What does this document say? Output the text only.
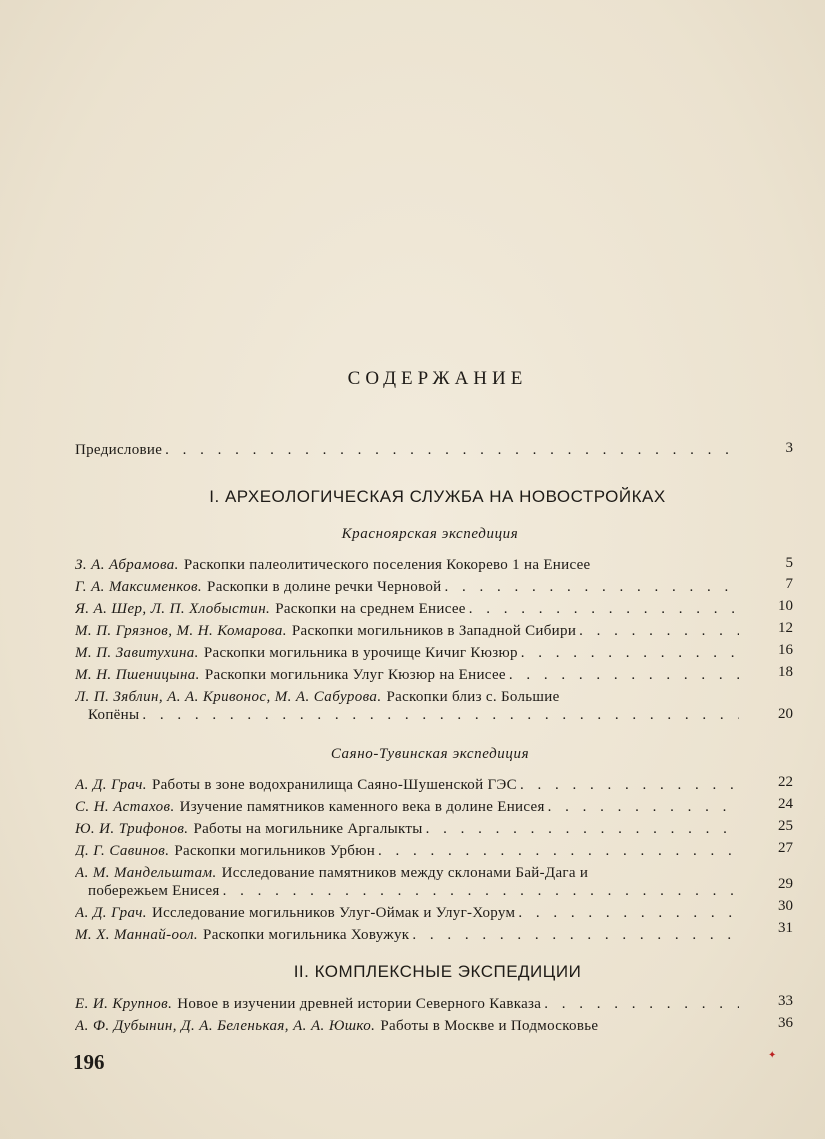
СОДЕРЖАНИЕ
Предисловие . . .	3
I. АРХЕОЛОГИЧЕСКАЯ СЛУЖБА НА НОВОСТРОЙКАХ
Красноярская экспедиция
З. А. Абрамова. Раскопки палеолитического поселения Кокорево 1 на Енисее	5
Г. А. Максименков. Раскопки в долине речки Черновой . . .	7
Я. А. Шер, Л. П. Хлобыстин. Раскопки на среднем Енисее . . .	10
М. П. Грязнов, М. Н. Комарова. Раскопки могильников в Западной Сибири . . .	12
М. П. Завитухина. Раскопки могильника в урочище Кичиг Кюзюр . . .	16
М. Н. Пшеницына. Раскопки могильника Улуг Кюзюр на Енисее . . .	18
Л. П. Зяблин, А. А. Кривонос, М. А. Сабурова. Раскопки близ с. Большие
Копёны . . .	20
Саяно-Тувинская экспедиция
А. Д. Грач. Работы в зоне водохранилища Саяно-Шушенской ГЭС . . .	22
С. Н. Астахов. Изучение памятников каменного века в долине Енисея . . .	24
Ю. И. Трифонов. Работы на могильнике Аргалыкты . . .	25
Д. Г. Савинов. Раскопки могильников Урбюн . . .	27
А. М. Мандельштам. Исследование памятников между склонами Бай-Дага и
побережьем Енисея . . .	29
А. Д. Грач. Исследование могильников Улуг-Оймак и Улуг-Хорум . . .	30
М. Х. Маннай-оол. Раскопки могильника Ховужук . . .	31
II. КОМПЛЕКСНЫЕ ЭКСПЕДИЦИИ
Е. И. Крупнов. Новое в изучении древней истории Северного Кавказа . . .	33
А. Ф. Дубынин, Д. А. Беленькая, А. А. Юшко. Работы в Москве и Подмосковье	36
196	✦
